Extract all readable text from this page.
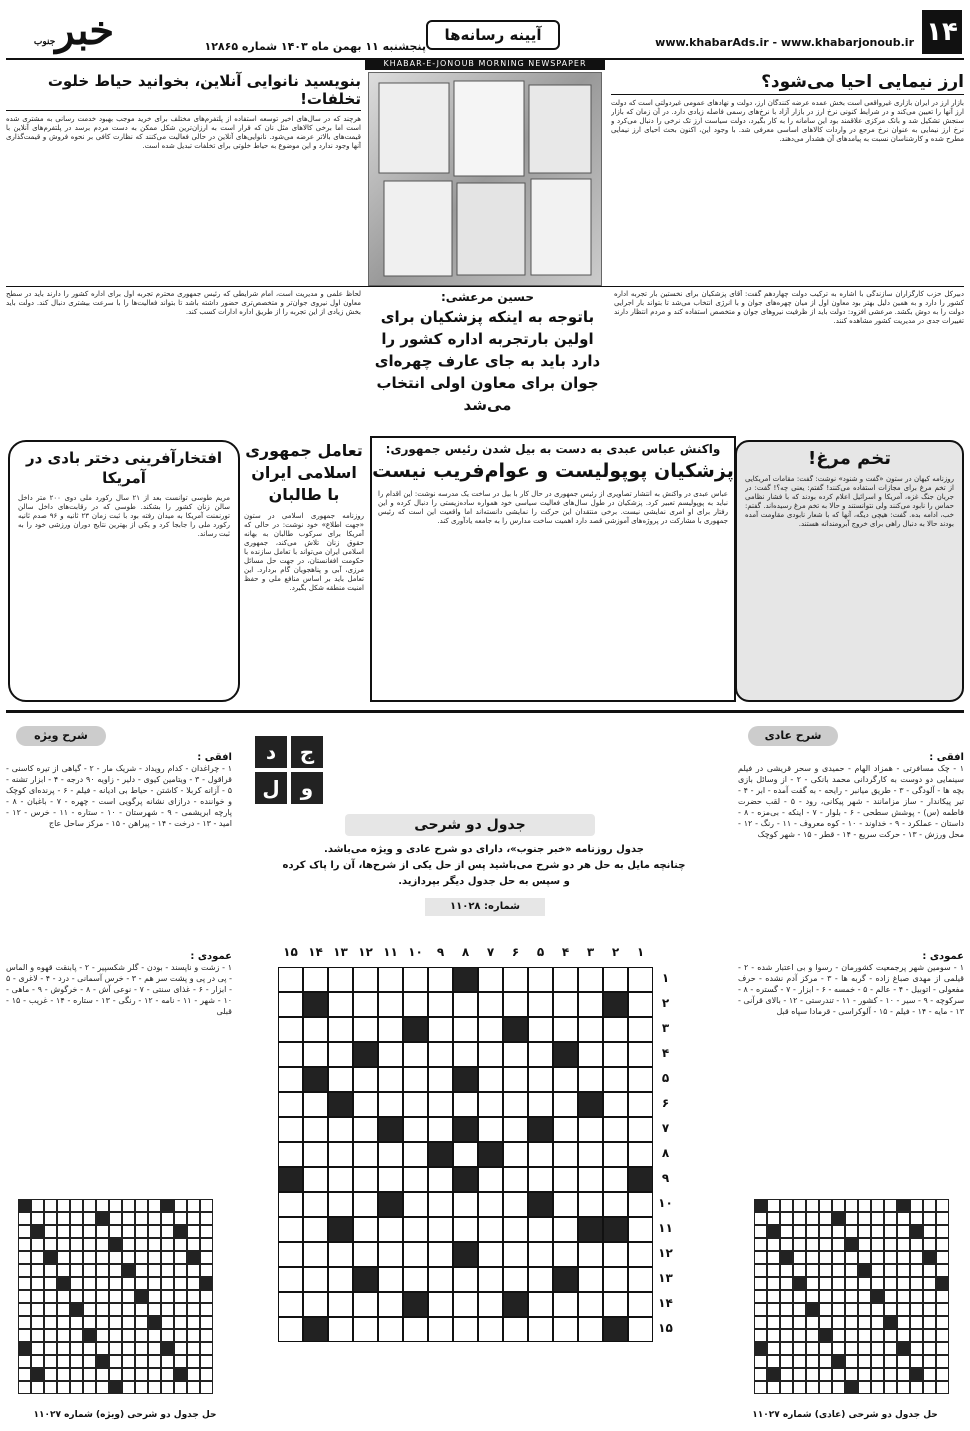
۱۴
www.khabarAds.ir - www.khabarjonoub.ir
آیینه رسانه‌ها
پنجشنبه ۱۱ بهمن ماه ۱۴۰۳ شماره ۱۲۸۶۵
خبرجنوب
KHABAR-E-JONOUB MORNING NEWSPAPER
ارز نیمایی احیا می‌شود؟
بازار ارز در ایران بازاری غیرواقعی است بخش عمده عرضه کنندگان ارز، دولت و نهادهای عمومی غیردولتی است که دولت ارز آنها را تعیین می‌کند و در شرایط کنونی نرخ ارز در بازار آزاد با نرخ‌های رسمی فاصله زیادی دارد. در آن زمان که بازار سنجش تشکیل شد و بانک مرکزی علاقمند بود این سامانه را به کار بگیرد، دولت سیاست ارز تک نرخی را دنبال می‌کرد و نرخ ارز نیمایی به عنوان نرخ مرجع در واردات کالاهای اساسی معرفی شد. با وجود این، اکنون بحث احیای ارز نیمایی مطرح شده و کارشناسان نسبت به پیامدهای آن هشدار می‌دهند.
بنویسید نانوایی آنلاین، بخوانید حیاط خلوت تخلفات!
هرچند که در سال‌های اخیر توسعه استفاده از پلتفرم‌های مختلف برای خرید موجب بهبود خدمت رسانی به مشتری شده است اما برخی کالاهای مثل نان که قرار است به ارزان‌ترین شکل ممکن به دست مردم برسد در پلتفرم‌های آنلاین با قیمت‌های بالاتر عرضه می‌شود. نانوایی‌های آنلاین در حالی فعالیت می‌کنند که نظارت کافی بر نحوه فروش و قیمت‌گذاری آنها وجود ندارد و این موضوع به حیاط خلوتی برای تخلفات تبدیل شده است.
حسین مرعشی:
باتوجه به اینکه پزشکیان برای اولین بارتجربه اداره کشور را دارد باید به جای عارف چهره‌ای جوان برای معاون اولی انتخاب می‌شد
دبیرکل حزب کارگزاران سازندگی با اشاره به ترکیب دولت چهاردهم گفت: آقای پزشکیان برای نخستین بار تجربه اداره کشور را دارد و به همین دلیل بهتر بود معاون اول از میان چهره‌های جوان و با انرژی انتخاب می‌شد تا بتواند بار اجرایی دولت را به دوش بکشد. مرعشی افزود: دولت باید از ظرفیت نیروهای جوان و متخصص استفاده کند و مردم انتظار دارند تغییرات جدی در مدیریت کشور مشاهده کنند.
لحاظ علمی و مدیریت است، امام شرایطی که رئیس جمهوری محترم تجربه اول برای اداره کشور را دارند باید در سطح معاون اول نیروی جوان‌تر و متخصص‌تری حضور داشته باشد تا بتواند فعالیت‌ها را با سرعت بیشتری دنبال کند. دولت باید بخش زیادی از این تجربه را از طریق اداره ادارات کسب کند.
واکنش عباس عبدی به دست به بیل شدن رئیس جمهوری:
پزشکیان پوپولیست و عوام‌فریب نیست
عباس عبدی در واکنش به انتشار تصاویری از رئیس جمهوری در حال کار با بیل در ساخت یک مدرسه نوشت: این اقدام را نباید به پوپولیسم تعبیر کرد. پزشکیان در طول سال‌های فعالیت سیاسی خود همواره ساده‌زیستی را دنبال کرده و این رفتار برای او امری نمایشی نیست. برخی منتقدان این حرکت را نمایشی دانسته‌اند اما واقعیت این است که رئیس جمهوری با مشارکت در پروژه‌های آموزشی قصد دارد اهمیت ساخت مدارس را به جامعه یادآوری کند.
تخم مرغ!
روزنامه کیهان در ستون «گفت و شنود» نوشت: گفت: مقامات آمریکایی از تخم مرغ برای مجازات استفاده می‌کنند! گفتم: یعنی چه؟! گفت: در جریان جنگ غزه، آمریکا و اسرائیل اعلام کرده بودند که با فشار نظامی حماس را نابود می‌کنند ولی نتوانستند و حالا به تخم مرغ رسیده‌اند. گفتم: خب، ادامه بده. گفت: هیچی دیگه، آنها که با شعار نابودی مقاومت آمده بودند حالا به دنبال راهی برای خروج آبرومندانه هستند.
تعامل جمهوری اسلامی ایران با طالبان
روزنامه جمهوری اسلامی در ستون «جهت اطلاع» خود نوشت: در حالی که آمریکا برای سرکوب طالبان به بهانه حقوق زنان تلاش می‌کند، جمهوری اسلامی ایران می‌تواند با تعامل سازنده با حکومت افغانستان، در جهت حل مسائل مرزی، آبی و پناهجویان گام بردارد. این تعامل باید بر اساس منافع ملی و حفظ امنیت منطقه شکل بگیرد.
افتخارآفرینی دختر بادی در آمریکا
مریم طوسی توانست بعد از ۲۱ سال رکورد ملی دوی ۲۰۰ متر داخل سالن زنان کشور را بشکند. طوسی که در رقابت‌های داخل سالن تورنمنت آمریکا به میدان رفته بود با ثبت زمان ۲۳ ثانیه و ۹۶ صدم ثانیه رکورد ملی را جابجا کرد و یکی از بهترین نتایج دوران ورزشی خود را به ثبت رساند.
شرح عادی
افقی :
۱ - چک مسافرتی - همزاد الهام - حمیدی و سحر قریشی در فیلم سینمایی دو دوست به کارگردانی محمد بانکی - ۲ - از وسائل بازی بچه ها - آلودگی - ۳ - طریق میانبر - رایحه - به گفت آمده - ابر - ۴ - تیر پیکاندار - ساز مزامانند - شهر پیکانی، رود - ۵ - لقب حضرت فاطمه (س) - پوشش سطحی - ۶ - بلوار - ۷ - اینکه - بی‌مزه - ۸ - داستان - عملکرد - ۹ - خداوند - ۱۰ - کوه معروف - ۱۱ - رنگ - ۱۲ - محل ورزش - ۱۳ - حرکت سریع - ۱۴ - قطر - ۱۵ - شهر کوچک
عمودی :
۱ - سومین شهر پرجمعیت کشورمان - رسوا و بی اعتبار شده - ۲ - قیلمی از مهدی صباغ زاده - گربه ها - ۳ - مرکز آدم نشده - حرف مفعولی - اتوبیل - ۴ - عالم - ۵ - خمسه - ۶ - ابزار - ۷ - گستره - ۸ - سرکوچه - ۹ - سیر - ۱۰ - کشور - ۱۱ - تندرستی - ۱۲ - بالای قرآنی - ۱۳ - مایه - ۱۴ - فیلم - ۱۵ - آلوکراسی - قرمادا سپاه قبل
شرح ویژه
افقی :
۱ - چراغدان - کدام رویداد - شریک مار - ۲ - گیاهی از تیره کاسنی - قراقول - ۳ - ویتامین کیوی - دلیر - زاویه ۹۰ درجه - ۴ - ابزار تشنه - ۵ - آزانه کربلا - کاشتن - حیاط بی ادیانه - فیلم - ۶ - پرنده‌ای کوچک و خواننده - درازای نشانه پرگویی است - چهره - ۷ - باغبان - ۸ - پارچه ابریشمی - ۹ - شهرستان - ۱۰ - ستاره - ۱۱ - خرس - ۱۲ - امید - ۱۳ - درخت - ۱۴ - پیراهن - ۱۵ - مرکز ساحل عاج
عمودی :
۱ - زشت و ناپسند - بودن - گلر شکسپیر - ۲ - پابنقت قهوه و الماس - پی در پی و پشت سر هم - ۳ - خرس آسمانی - درد - ۴ - لاغری - ۵ - ابزار - ۶ - غذای سنتی - ۷ - نوعی آش - ۸ - خرگوش - ۹ - ماهی - ۱۰ - شهر - ۱۱ - نامه - ۱۲ - رنگی - ۱۳ - ستاره - ۱۴ - غریب - ۱۵ - قبلی
د	ج
ل	و
جدول دو شرحی
جدول روزنامه «خبر جنوب»، دارای دو شرح عادی و ویژه می‌باشد.
چنانچه مایل به حل هر دو شرح می‌باشید پس از حل یکی از شرح‌ها، آن را پاک کرده
و سپس به حل جدول دیگر بپردازید.
شماره: ۱۱۰۲۸
۱
۲
۳
۴
۵
۶
۷
۸
۹
۱۰
۱۱
۱۲
۱۳
۱۴
۱۵
۱
۲
۳
۴
۵
۶
۷
۸
۹
۱۰
۱۱
۱۲
۱۳
۱۴
۱۵
حل جدول دو شرحی (عادی) شماره ۱۱۰۲۷
حل جدول دو شرحی (ویژه) شماره ۱۱۰۲۷
